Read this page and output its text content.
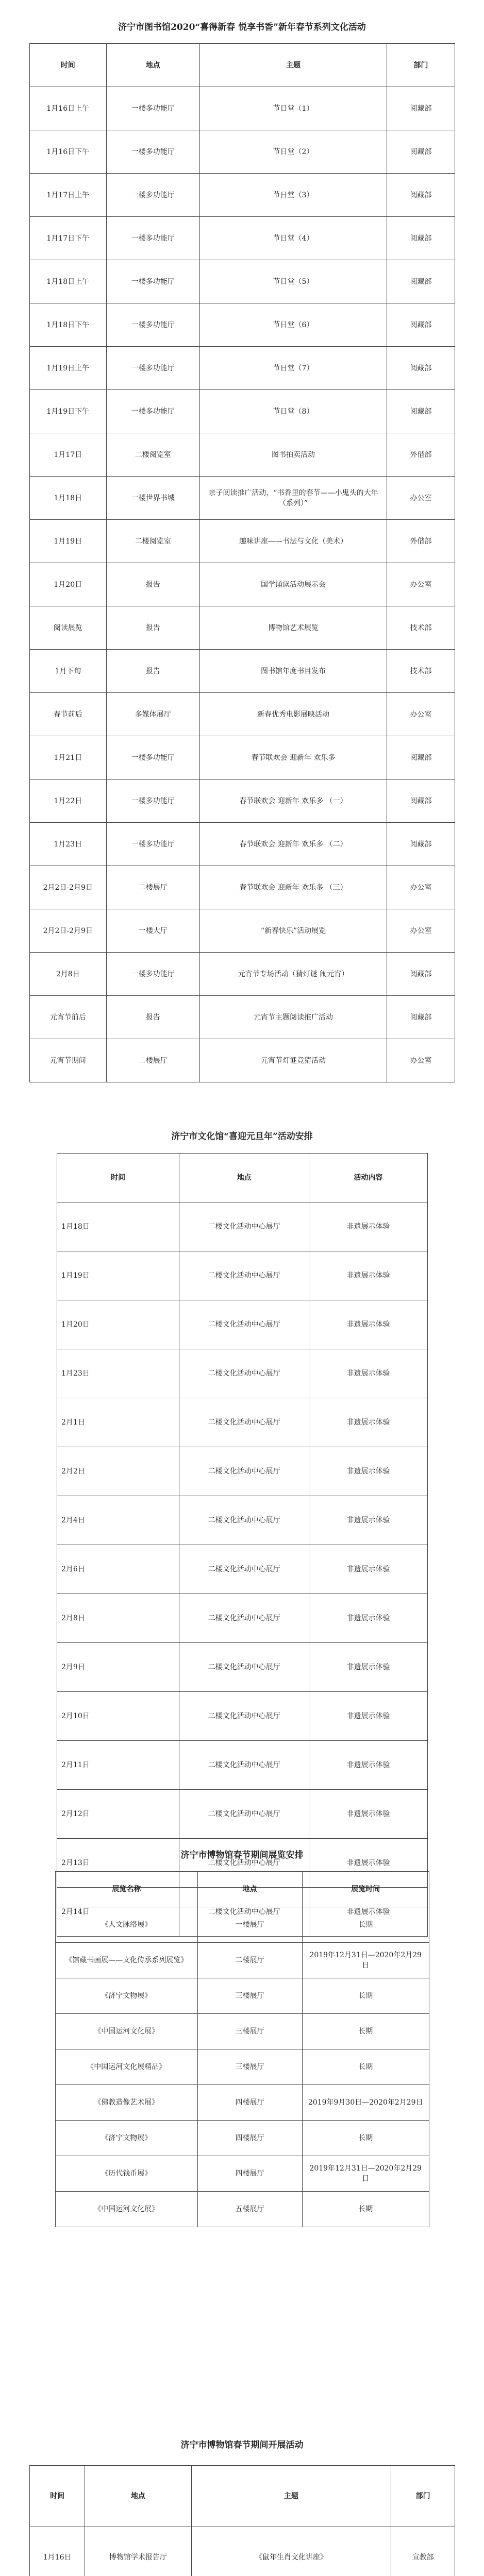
济宁市图书馆2020“喜得新春 悦享书香”新年春节系列文化活动
时间	地点	主题	部门
1月16日上午	一楼多功能厅	节日堂（1）	阅藏部
1月16日下午	一楼多功能厅	节日堂（2）	阅藏部
1月17日上午	一楼多功能厅	节日堂（3）	阅藏部
1月17日下午	一楼多功能厅	节日堂（4）	阅藏部
1月18日上午	一楼多功能厅	节日堂（5）	阅藏部
1月18日下午	一楼多功能厅	节日堂（6）	阅藏部
1月19日上午	一楼多功能厅	节日堂（7）	阅藏部
1月19日下午	一楼多功能厅	节日堂（8）	阅藏部
1月17日	二楼阅览室	图书拍卖活动	外借部
1月18日	一楼世界书城	亲子阅读推广活动，“书香里的春节——小鬼头的大年（系列）”	办公室
1月19日	二楼阅览室	趣味讲座——书法与文化（美术）	外借部
1月20日	报告	国学诵读活动展示会	办公室
阅读展览	报告	博物馆艺术展览	技术部
1月下旬	报告	图书馆年度书目发布	技术部
春节前后	多媒体展厅	新春优秀电影展映活动	办公室
1月21日	一楼多功能厅	春节联欢会 迎新年 欢乐多	阅藏部
1月22日	一楼多功能厅	春节联欢会 迎新年 欢乐多 （一）	阅藏部
1月23日	一楼多功能厅	春节联欢会 迎新年 欢乐多 （二）	阅藏部
2月2日-2月9日	二楼展厅	春节联欢会 迎新年 欢乐多 （三）	办公室
2月2日-2月9日	一楼大厅	“新春快乐”活动展览	办公室
2月8日	一楼多功能厅	元宵节专场活动（猜灯谜 闹元宵）	阅藏部
元宵节前后	报告	元宵节主题阅读推广活动	阅藏部
元宵节期间	二楼展厅	元宵节灯谜竞猜活动	办公室
济宁市文化馆“喜迎元旦年”活动安排
时间	地点	活动内容
1月18日	二楼文化活动中心展厅	非遗展示体验
1月19日	二楼文化活动中心展厅	非遗展示体验
1月20日	二楼文化活动中心展厅	非遗展示体验
1月23日	二楼文化活动中心展厅	非遗展示体验
2月1日	二楼文化活动中心展厅	非遗展示体验
2月2日	二楼文化活动中心展厅	非遗展示体验
2月4日	二楼文化活动中心展厅	非遗展示体验
2月6日	二楼文化活动中心展厅	非遗展示体验
2月8日	二楼文化活动中心展厅	非遗展示体验
2月9日	二楼文化活动中心展厅	非遗展示体验
2月10日	二楼文化活动中心展厅	非遗展示体验
2月11日	二楼文化活动中心展厅	非遗展示体验
2月12日	二楼文化活动中心展厅	非遗展示体验
2月13日	二楼文化活动中心展厅	非遗展示体验
2月14日	二楼文化活动中心展厅	非遗展示体验
济宁市博物馆春节期间展览安排
展览名称	地点	展览时间
《人文脉络展》	一楼展厅	长期
《馆藏书画展——文化传承系列展览》	二楼展厅	2019年12月31日—2020年2月29日
《济宁文物展》	三楼展厅	长期
《中国运河文化展》	三楼展厅	长期
《中国运河文化展精品》	三楼展厅	长期
《佛教造像艺术展》	四楼展厅	2019年9月30日—2020年2月29日
《济宁文物展》	四楼展厅	长期
《历代钱币展》	四楼展厅	2019年12月31日—2020年2月29日
《中国运河文化展》	五楼展厅	长期
济宁市博物馆春节期间开展活动
时间	地点	主题	部门
1月16日	博物馆学术报告厅	《鼠年生肖文化讲座》	宣教部
